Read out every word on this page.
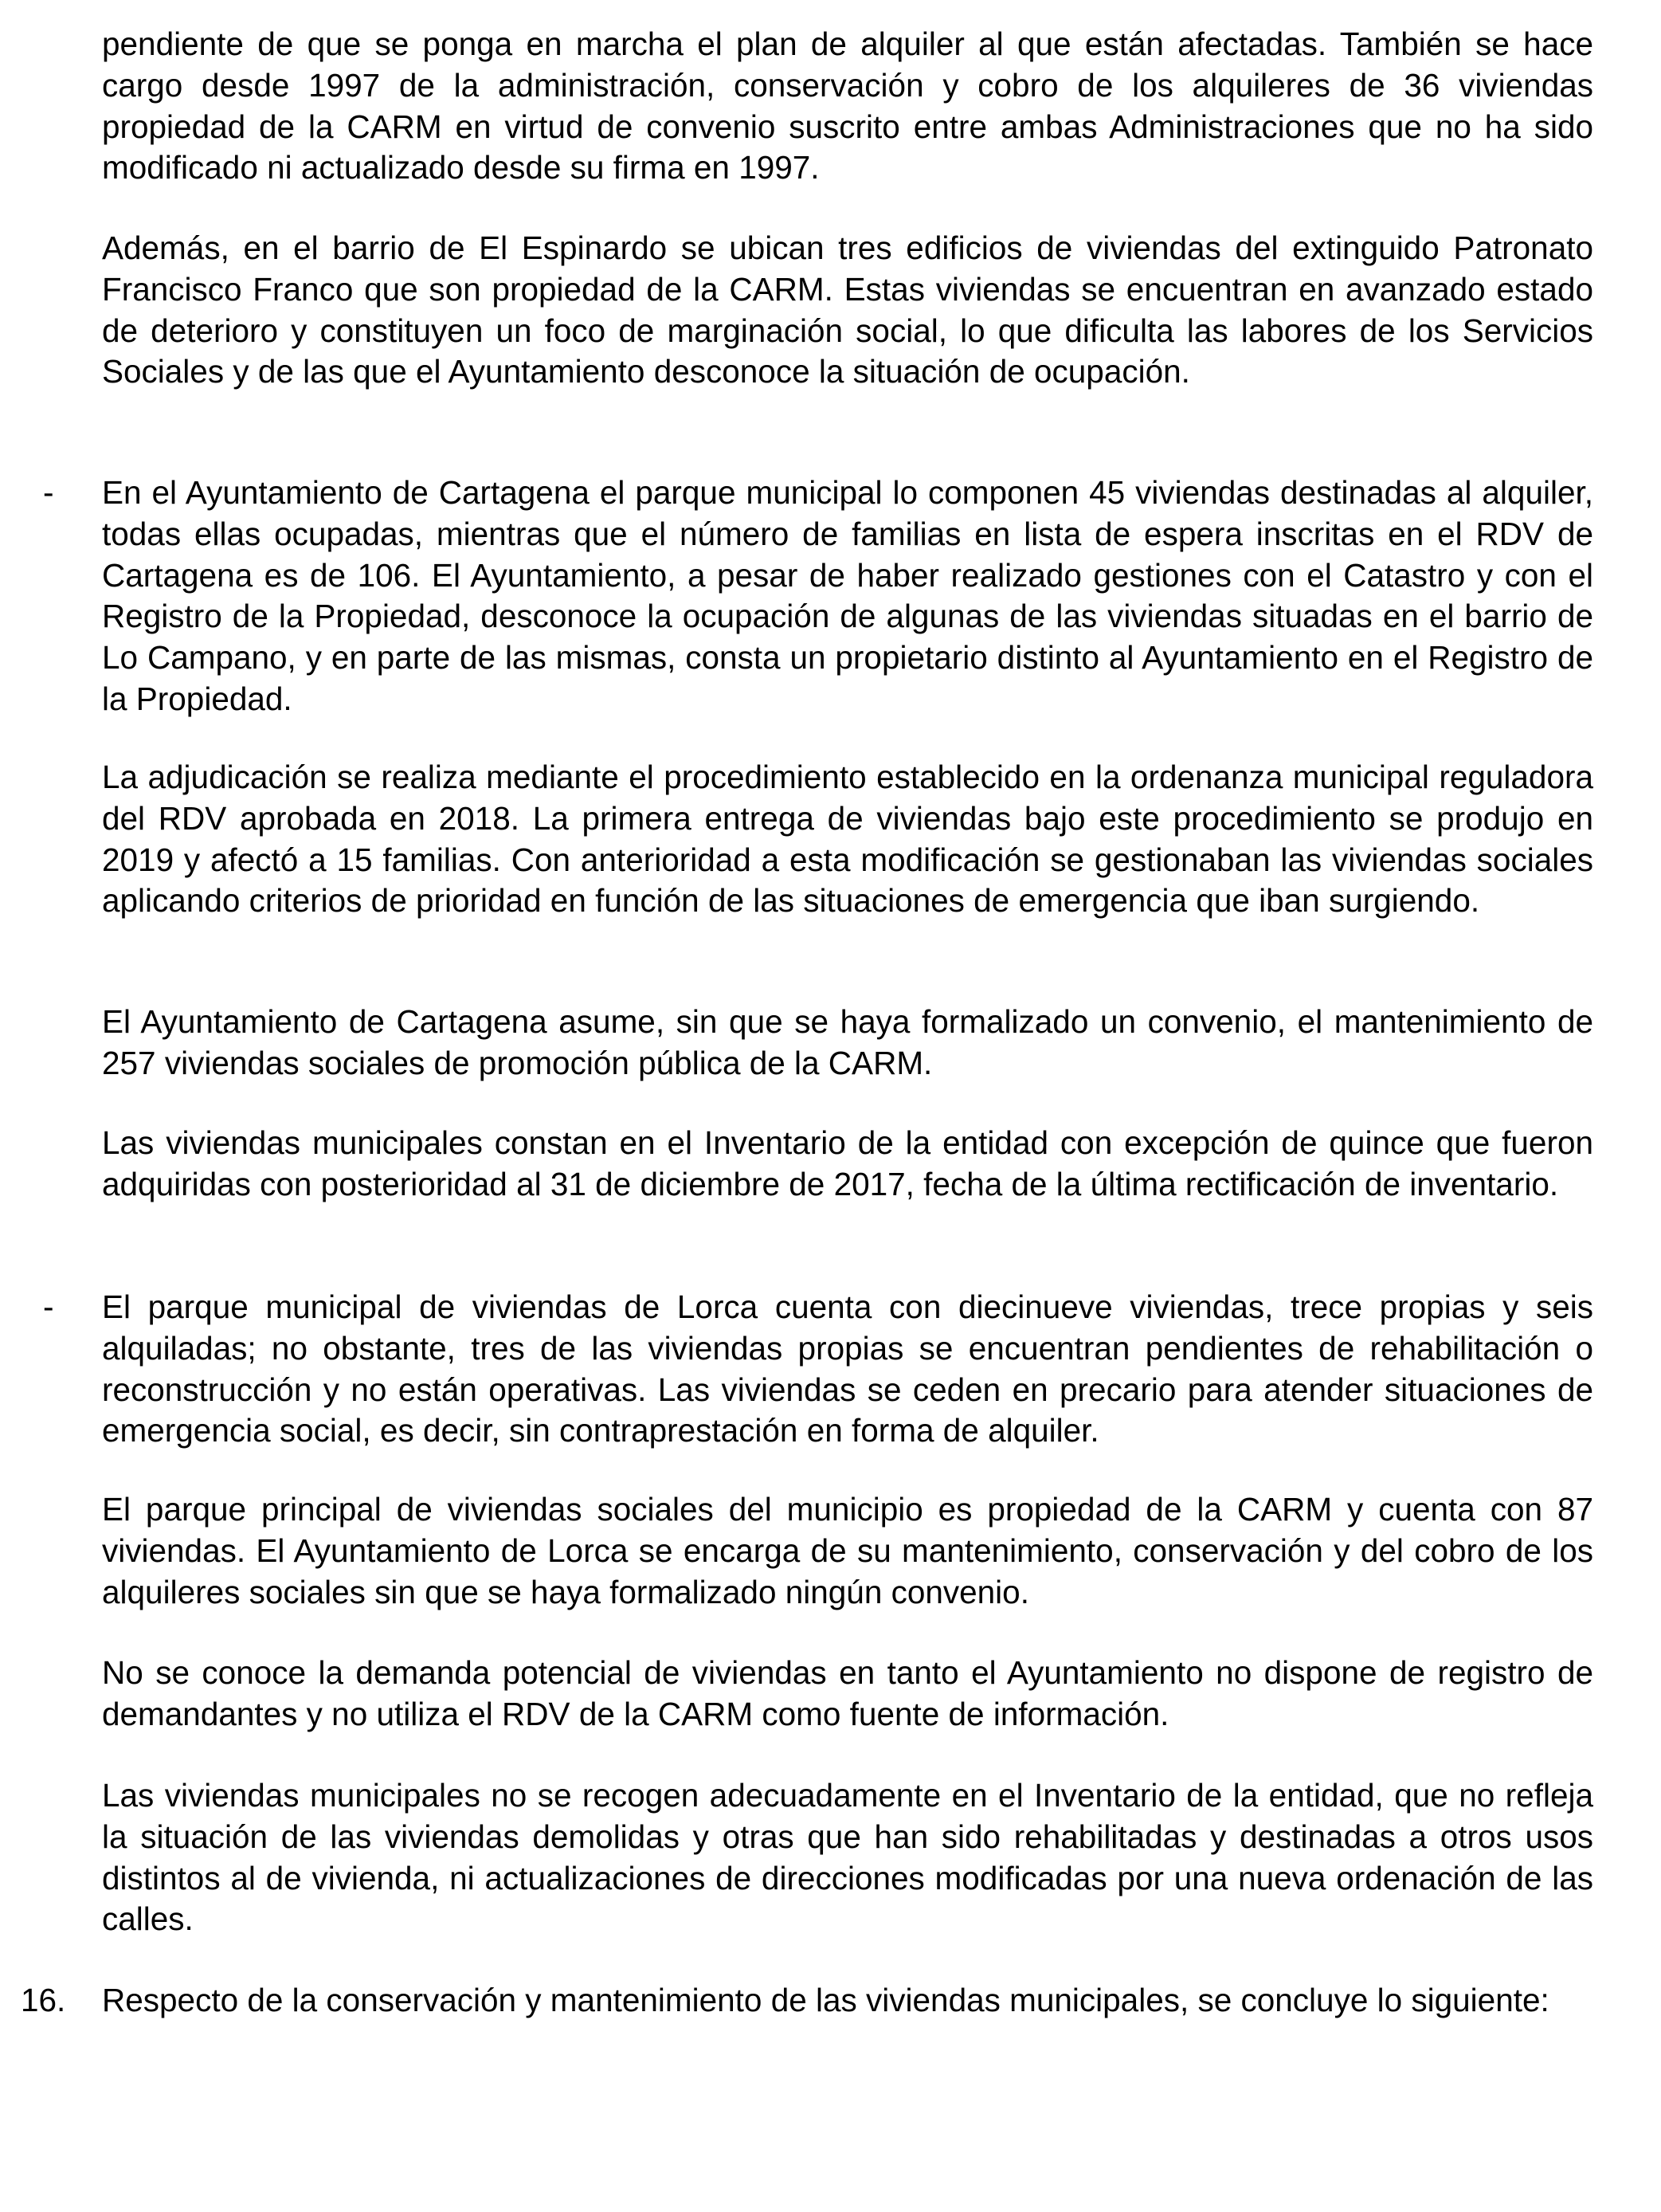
pendiente de que se ponga en marcha el plan de alquiler al que están afectadas. También se hace cargo desde 1997 de la administración, conservación y cobro de los alquileres de 36 viviendas propiedad de la CARM en virtud de convenio suscrito entre ambas Administraciones que no ha sido modificado ni actualizado desde su firma en 1997.

Además, en el barrio de El Espinardo se ubican tres edificios de viviendas del extinguido Patronato Francisco Franco que son propiedad de la CARM. Estas viviendas se encuentran en avanzado estado de deterioro y constituyen un foco de marginación social, lo que dificulta las labores de los Servicios Sociales y de las que el Ayuntamiento desconoce la situación de ocupación.

- En el Ayuntamiento de Cartagena el parque municipal lo componen 45 viviendas destinadas al alquiler, todas ellas ocupadas, mientras que el número de familias en lista de espera inscritas en el RDV de Cartagena es de 106. El Ayuntamiento, a pesar de haber realizado gestiones con el Catastro y con el Registro de la Propiedad, desconoce la ocupación de algunas de las viviendas situadas en el barrio de Lo Campano, y en parte de las mismas, consta un propietario distinto al Ayuntamiento en el Registro de la Propiedad.

La adjudicación se realiza mediante el procedimiento establecido en la ordenanza municipal reguladora del RDV aprobada en 2018. La primera entrega de viviendas bajo este procedimiento se produjo en 2019 y afectó a 15 familias. Con anterioridad a esta modificación se gestionaban las viviendas sociales aplicando criterios de prioridad en función de las situaciones de emergencia que iban surgiendo.

El Ayuntamiento de Cartagena asume, sin que se haya formalizado un convenio, el mantenimiento de 257 viviendas sociales de promoción pública de la CARM.

Las viviendas municipales constan en el Inventario de la entidad con excepción de quince que fueron adquiridas con posterioridad al 31 de diciembre de 2017, fecha de la última rectificación de inventario.

- El parque municipal de viviendas de Lorca cuenta con diecinueve viviendas, trece propias y seis alquiladas; no obstante, tres de las viviendas propias se encuentran pendientes de rehabilitación o reconstrucción y no están operativas. Las viviendas se ceden en precario para atender situaciones de emergencia social, es decir, sin contraprestación en forma de alquiler.

El parque principal de viviendas sociales del municipio es propiedad de la CARM y cuenta con 87 viviendas. El Ayuntamiento de Lorca se encarga de su mantenimiento, conservación y del cobro de los alquileres sociales sin que se haya formalizado ningún convenio.

No se conoce la demanda potencial de viviendas en tanto el Ayuntamiento no dispone de registro de demandantes y no utiliza el RDV de la CARM como fuente de información.

Las viviendas municipales no se recogen adecuadamente en el Inventario de la entidad, que no refleja la situación de las viviendas demolidas y otras que han sido rehabilitadas y destinadas a otros usos distintos al de vivienda, ni actualizaciones de direcciones modificadas por una nueva ordenación de las calles.

16. Respecto de la conservación y mantenimiento de las viviendas municipales, se concluye lo siguiente:
